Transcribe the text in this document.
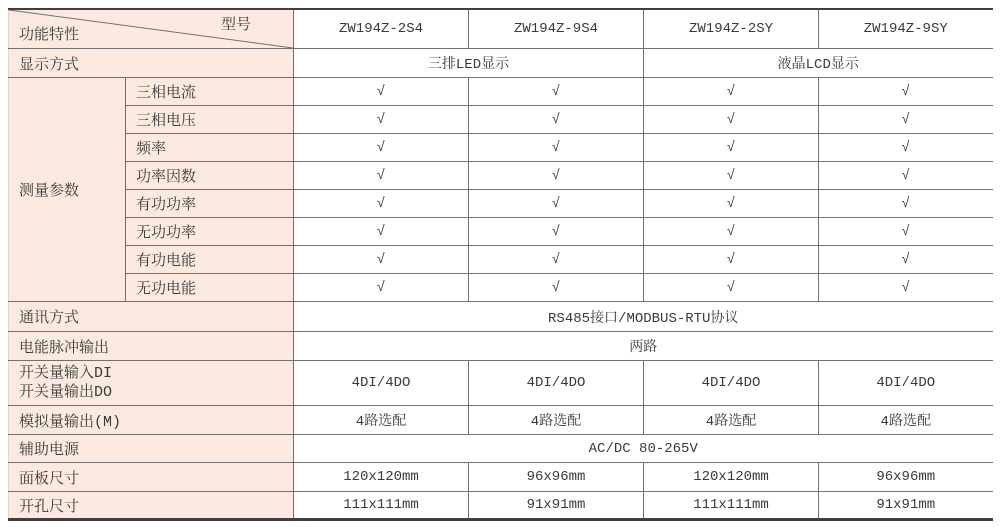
型号
功能特性		ZW194Z-2S4	ZW194Z-9S4	ZW194Z-2SY	ZW194Z-9SY
显示方式		三排LED显示		液晶LCD显示	
测量参数	三相电流	√	√	√	√
	三相电压	√	√	√	√
	频率	√	√	√	√
	功率因数	√	√	√	√
	有功功率	√	√	√	√
	无功功率	√	√	√	√
	有功电能	√	√	√	√
	无功电能	√	√	√	√
通讯方式		RS485接口/MODBUS-RTU协议			
电能脉冲输出		两路			

开关量输入DI
开关量输出DO		4DI/4DO	4DI/4DO	4DI/4DO	4DI/4DO
模拟量输出(M)		4路选配	4路选配	4路选配	4路选配
辅助电源		AC/DC 80-265V			
面板尺寸		120x120mm	96x96mm	120x120mm	96x96mm
开孔尺寸		111x111mm	91x91mm	111x111mm	91x91mm
